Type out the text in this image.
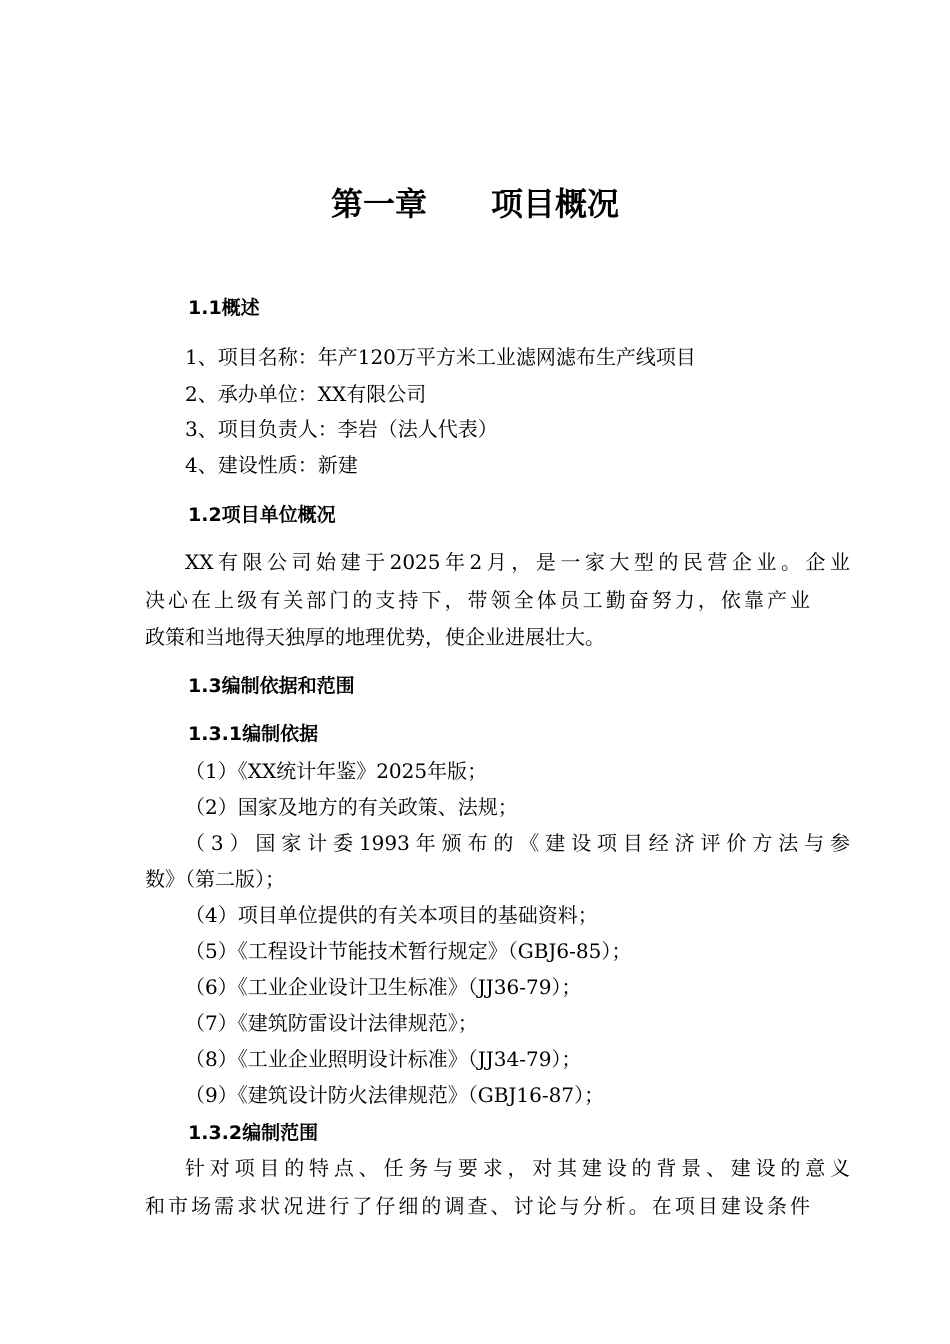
第一章　　项目概况
1.1概述
1、项目名称：年产120万平方米工业滤网滤布生产线项目
2、承办单位：XX有限公司
3、项目负责人：李岩（法人代表）
4、建设性质：新建
1.2项目单位概况
XX有限公司始建于2025年2月，是一家大型的民营企业。企业
决心在上级有关部门的支持下，带领全体员工勤奋努力，依靠产业
政策和当地得天独厚的地理优势，使企业进展壮大。
1.3编制依据和范围
1.3.1编制依据
（1）《XX统计年鉴》2025年版；
（2）国家及地方的有关政策、法规；
（3）国家计委1993年颁布的《建设项目经济评价方法与参
数》（第二版）；
（4）项目单位提供的有关本项目的基础资料；
（5）《工程设计节能技术暂行规定》（GBJ6-85）；
（6）《工业企业设计卫生标准》（JJ36-79）；
（7）《建筑防雷设计法律规范》；
（8）《工业企业照明设计标准》（JJ34-79）；
（9）《建筑设计防火法律规范》（GBJ16-87）；
1.3.2编制范围
针对项目的特点、任务与要求，对其建设的背景、建设的意义
和市场需求状况进行了仔细的调查、讨论与分析。在项目建设条件
